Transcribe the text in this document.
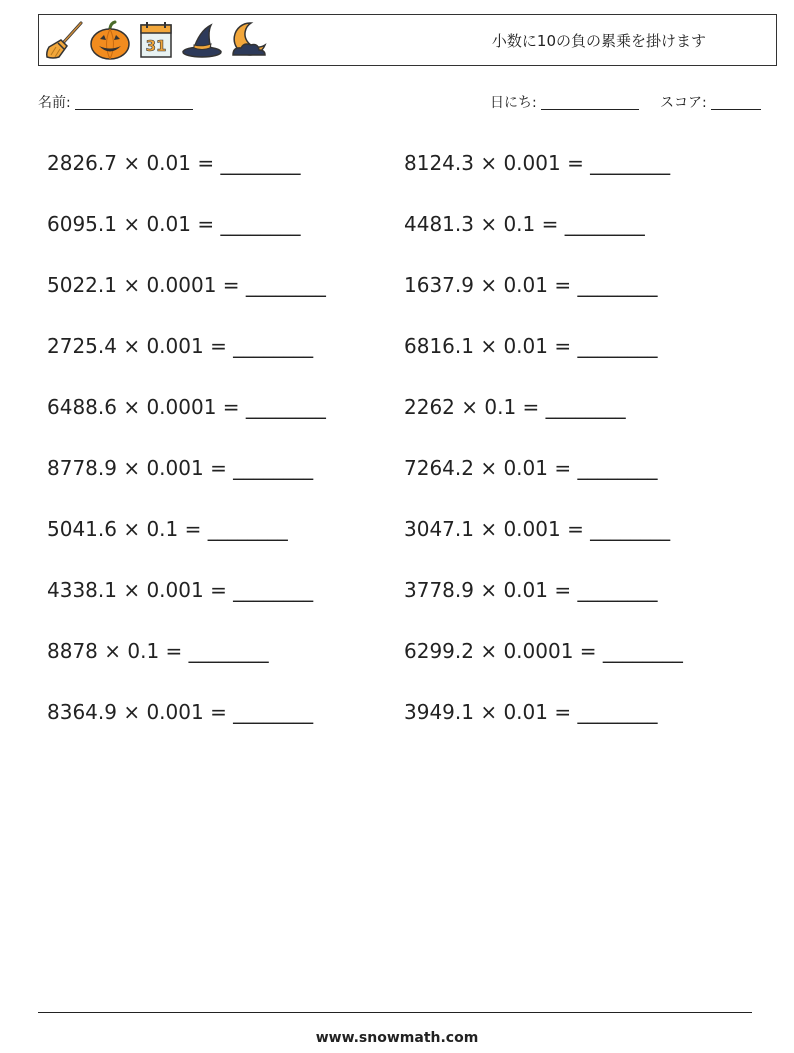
31	小数に10の負の累乗を掛けます
名前:	日にち:	スコア:
2826.7 × 0.01 = ________
6095.1 × 0.01 = ________
5022.1 × 0.0001 = ________
2725.4 × 0.001 = ________
6488.6 × 0.0001 = ________
8778.9 × 0.001 = ________
5041.6 × 0.1 = ________
4338.1 × 0.001 = ________
8878 × 0.1 = ________
8364.9 × 0.001 = ________
8124.3 × 0.001 = ________
4481.3 × 0.1 = ________
1637.9 × 0.01 = ________
6816.1 × 0.01 = ________
2262 × 0.1 = ________
7264.2 × 0.01 = ________
3047.1 × 0.001 = ________
3778.9 × 0.01 = ________
6299.2 × 0.0001 = ________
3949.1 × 0.01 = ________
www.snowmath.com
